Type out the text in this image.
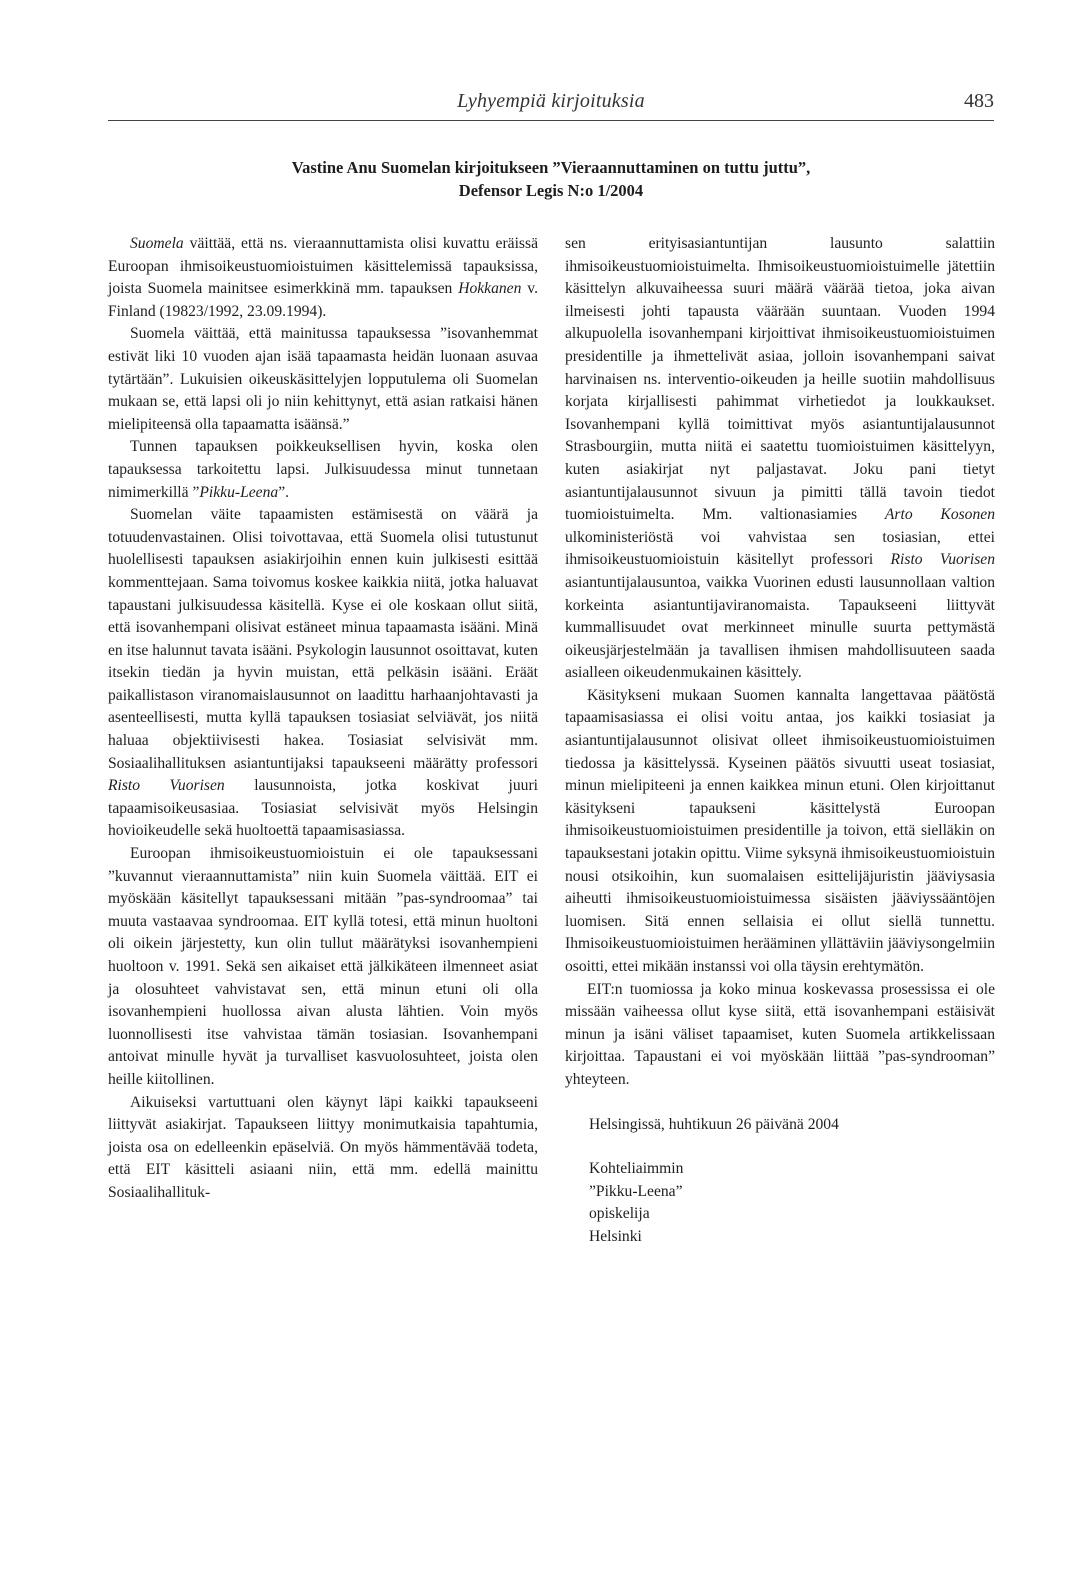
Lyhyempiä kirjoituksia	483
Vastine Anu Suomelan kirjoitukseen ”Vieraannuttaminen on tuttu juttu”,
Defensor Legis N:o 1/2004

Suomela väittää, että ns. vieraannuttamista olisi kuvattu eräissä Euroopan ihmisoikeustuomioistuimen käsittelemissä tapauksissa, joista Suomela mainitsee esimerkkinä mm. tapauksen Hokkanen v. Finland (19823/1992, 23.09.1994).

Suomela väittää, että mainitussa tapauksessa ”isovanhemmat estivät liki 10 vuoden ajan isää tapaamasta heidän luonaan asuvaa tytärtään”. Lukuisien oikeuskäsittelyjen lopputulema oli Suomelan mukaan se, että lapsi oli jo niin kehittynyt, että asian ratkaisi hänen mielipiteensä olla tapaamatta isäänsä.”

Tunnen tapauksen poikkeuksellisen hyvin, koska olen tapauksessa tarkoitettu lapsi. Julkisuudessa minut tunnetaan nimimerkillä ”Pikku-Leena”.

Suomelan väite tapaamisten estämisestä on väärä ja totuudenvastainen. Olisi toivottavaa, että Suomela olisi tutustunut huolellisesti tapauksen asiakirjoihin ennen kuin julkisesti esittää kommenttejaan. Sama toivomus koskee kaikkia niitä, jotka haluavat tapaustani julkisuudessa käsitellä. Kyse ei ole koskaan ollut siitä, että isovanhempani olisivat estäneet minua tapaamasta isääni. Minä en itse halunnut tavata isääni. Psykologin lausunnot osoittavat, kuten itsekin tiedän ja hyvin muistan, että pelkäsin isääni. Eräät paikallistason viranomaislausunnot on laadittu harhaanjohtavasti ja asenteellisesti, mutta kyllä tapauksen tosiasiat selviävät, jos niitä haluaa objektiivisesti hakea. Tosiasiat selvisivät mm. Sosiaalihallituksen asiantuntijaksi tapaukseeni määrätty professori Risto Vuorisen lausunnoista, jotka koskivat juuri tapaamisoikeusasiaa. Tosiasiat selvisivät myös Helsingin hovioikeudelle sekä huoltoettä tapaamisasiassa.

Euroopan ihmisoikeustuomioistuin ei ole tapauksessani ”kuvannut vieraannuttamista” niin kuin Suomela väittää. EIT ei myöskään käsitellyt tapauksessani mitään ”pas-syndroomaa” tai muuta vastaavaa syndroomaa. EIT kyllä totesi, että minun huoltoni oli oikein järjestetty, kun olin tullut määrätyksi isovanhempieni huoltoon v. 1991. Sekä sen aikaiset että jälkikäteen ilmenneet asiat ja olosuhteet vahvistavat sen, että minun etuni oli olla isovanhempieni huollossa aivan alusta lähtien. Voin myös luonnollisesti itse vahvistaa tämän tosiasian. Isovanhempani antoivat minulle hyvät ja turvalliset kasvuolosuhteet, joista olen heille kiitollinen.

Aikuiseksi vartuttuani olen käynyt läpi kaikki tapaukseeni liittyvät asiakirjat. Tapaukseen liittyy monimutkaisia tapahtumia, joista osa on edelleenkin epäselviä. On myös hämmentävää todeta, että EIT käsitteli asiaani niin, että mm. edellä mainittu Sosiaalihallituk-

sen erityisasiantuntijan lausunto salattiin ihmisoikeustuomioistuimelta. Ihmisoikeustuomioistuimelle jätettiin käsittelyn alkuvaiheessa suuri määrä väärää tietoa, joka aivan ilmeisesti johti tapausta väärään suuntaan. Vuoden 1994 alkupuolella isovanhempani kirjoittivat ihmisoikeustuomioistuimen presidentille ja ihmettelivät asiaa, jolloin isovanhempani saivat harvinaisen ns. interventio-oikeuden ja heille suotiin mahdollisuus korjata kirjallisesti pahimmat virhetiedot ja loukkaukset. Isovanhempani kyllä toimittivat myös asiantuntijalausunnot Strasbourgiin, mutta niitä ei saatettu tuomioistuimen käsittelyyn, kuten asiakirjat nyt paljastavat. Joku pani tietyt asiantuntijalausunnot sivuun ja pimitti tällä tavoin tiedot tuomioistuimelta. Mm. valtionasiamies Arto Kosonen ulkoministeriöstä voi vahvistaa sen tosiasian, ettei ihmisoikeustuomioistuin käsitellyt professori Risto Vuorisen asiantuntijalausuntoa, vaikka Vuorinen edusti lausunnollaan valtion korkeinta asiantuntijaviranomaista. Tapaukseeni liittyvät kummallisuudet ovat merkinneet minulle suurta pettymästä oikeusjärjestelmään ja tavallisen ihmisen mahdollisuuteen saada asialleen oikeudenmukainen käsittely.

Käsitykseni mukaan Suomen kannalta langettavaa päätöstä tapaamisasiassa ei olisi voitu antaa, jos kaikki tosiasiat ja asiantuntijalausunnot olisivat olleet ihmisoikeustuomioistuimen tiedossa ja käsittelyssä. Kyseinen päätös sivuutti useat tosiasiat, minun mielipiteeni ja ennen kaikkea minun etuni. Olen kirjoittanut käsitykseni tapaukseni käsittelystä Euroopan ihmisoikeustuomioistuimen presidentille ja toivon, että sielläkin on tapauksestani jotakin opittu. Viime syksynä ihmisoikeustuomioistuin nousi otsikoihin, kun suomalaisen esittelijäjuristin jääviysasia aiheutti ihmisoikeustuomioistuimessa sisäisten jääviyssääntöjen luomisen. Sitä ennen sellaisia ei ollut siellä tunnettu. Ihmisoikeustuomioistuimen herääminen yllättäviin jääviysongelmiin osoitti, ettei mikään instanssi voi olla täysin erehtymätön.

EIT:n tuomiossa ja koko minua koskevassa prosessissa ei ole missään vaiheessa ollut kyse siitä, että isovanhempani estäisivät minun ja isäni väliset tapaamiset, kuten Suomela artikkelissaan kirjoittaa. Tapaustani ei voi myöskään liittää ”pas-syndrooman” yhteyteen.

Helsingissä, huhtikuun 26 päivänä 2004
Kohteliaimmin
”Pikku-Leena”
opiskelija
Helsinki
